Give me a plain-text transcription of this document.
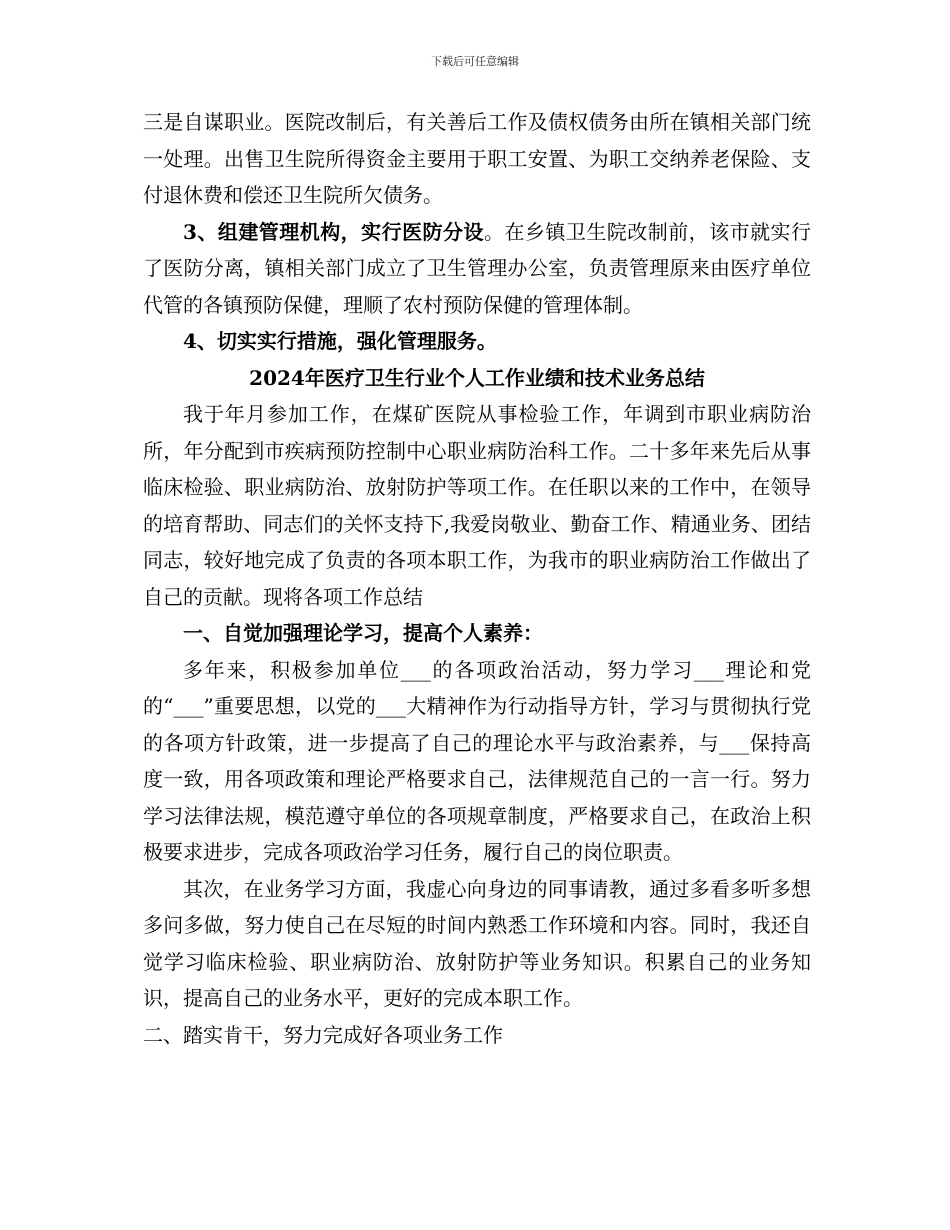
下载后可任意编辑

三是自谋职业。医院改制后，有关善后工作及债权债务由所在镇相关部门统一处理。出售卫生院所得资金主要用于职工安置、为职工交纳养老保险、支付退休费和偿还卫生院所欠债务。

3、组建管理机构，实行医防分设。在乡镇卫生院改制前，该市就实行了医防分离，镇相关部门成立了卫生管理办公室，负责管理原来由医疗单位代管的各镇预防保健，理顺了农村预防保健的管理体制。

4、切实实行措施，强化管理服务。

2024年医疗卫生行业个人工作业绩和技术业务总结

我于年月参加工作，在煤矿医院从事检验工作，年调到市职业病防治所，年分配到市疾病预防控制中心职业病防治科工作。二十多年来先后从事临床检验、职业病防治、放射防护等项工作。在任职以来的工作中，在领导的培育帮助、同志们的关怀支持下,我爱岗敬业、勤奋工作、精通业务、团结同志，较好地完成了负责的各项本职工作，为我市的职业病防治工作做出了自己的贡献。现将各项工作总结

一、自觉加强理论学习，提高个人素养：

多年来，积极参加单位___的各项政治活动，努力学习___理论和党的“___”重要思想，以党的___大精神作为行动指导方针，学习与贯彻执行党的各项方针政策，进一步提高了自己的理论水平与政治素养，与___保持高度一致，用各项政策和理论严格要求自己，法律规范自己的一言一行。努力学习法律法规，模范遵守单位的各项规章制度，严格要求自己，在政治上积极要求进步，完成各项政治学习任务，履行自己的岗位职责。

其次，在业务学习方面，我虚心向身边的同事请教，通过多看多听多想多问多做，努力使自己在尽短的时间内熟悉工作环境和内容。同时，我还自觉学习临床检验、职业病防治、放射防护等业务知识。积累自己的业务知识，提高自己的业务水平，更好的完成本职工作。

二、踏实肯干，努力完成好各项业务工作
